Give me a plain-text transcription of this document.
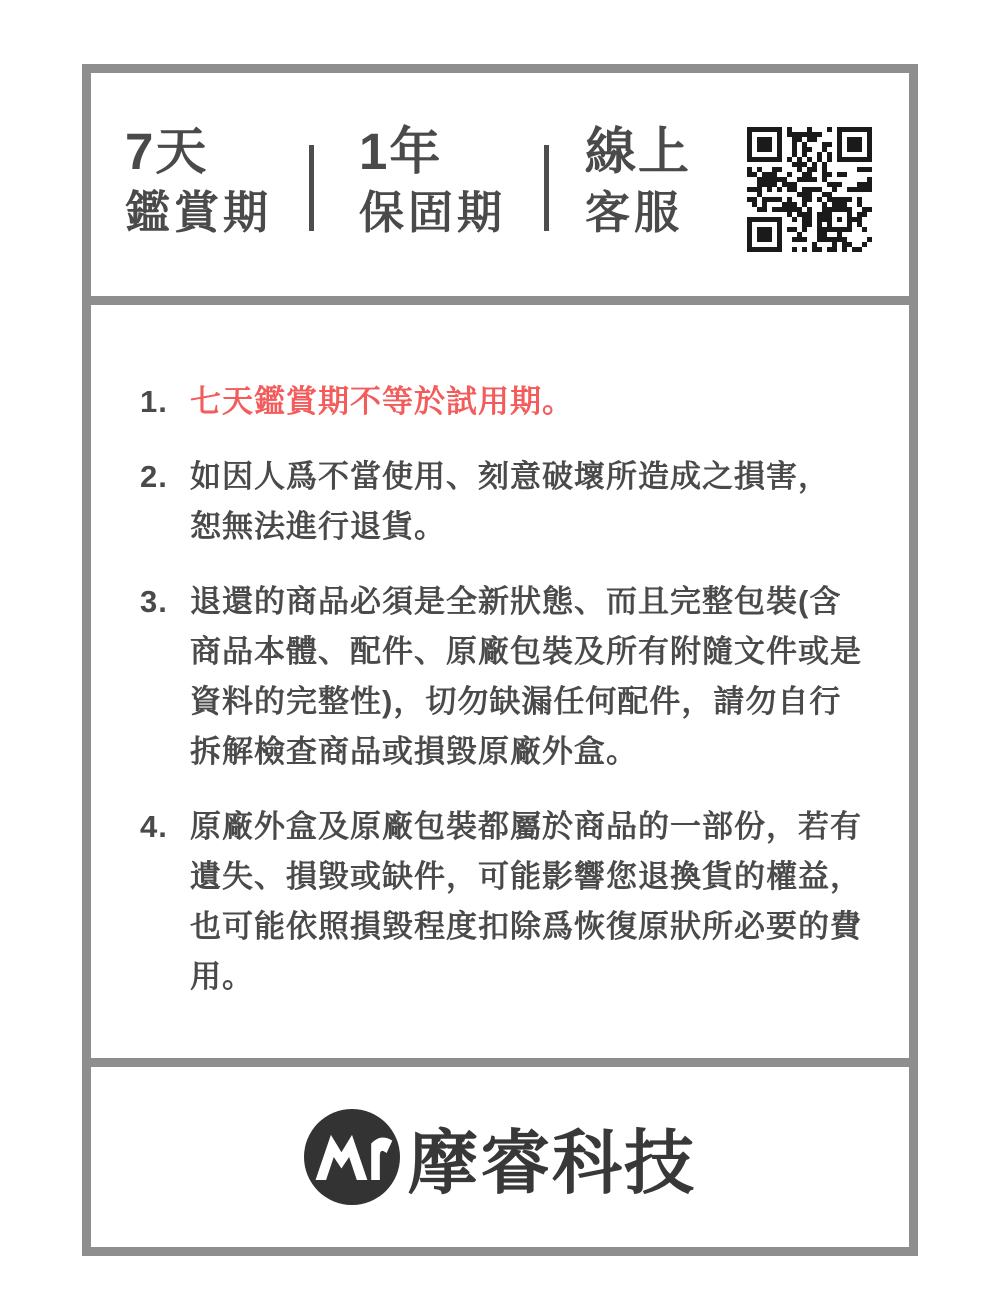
7天
鑑賞期
1年
保固期
線上
客服
1. 七天鑑賞期不等於試用期。
2. 如因人爲不當使用、刻意破壞所造成之損害，
恕無法進行退貨。
3. 退還的商品必須是全新狀態、而且完整包裝(含
商品本體、配件、原廠包裝及所有附隨文件或是
資料的完整性)，切勿缺漏任何配件，請勿自行
拆解檢查商品或損毀原廠外盒。
4. 原廠外盒及原廠包裝都屬於商品的一部份，若有
遺失、損毀或缺件，可能影響您退換貨的權益，
也可能依照損毀程度扣除爲恢復原狀所必要的費
用。
摩睿科技
